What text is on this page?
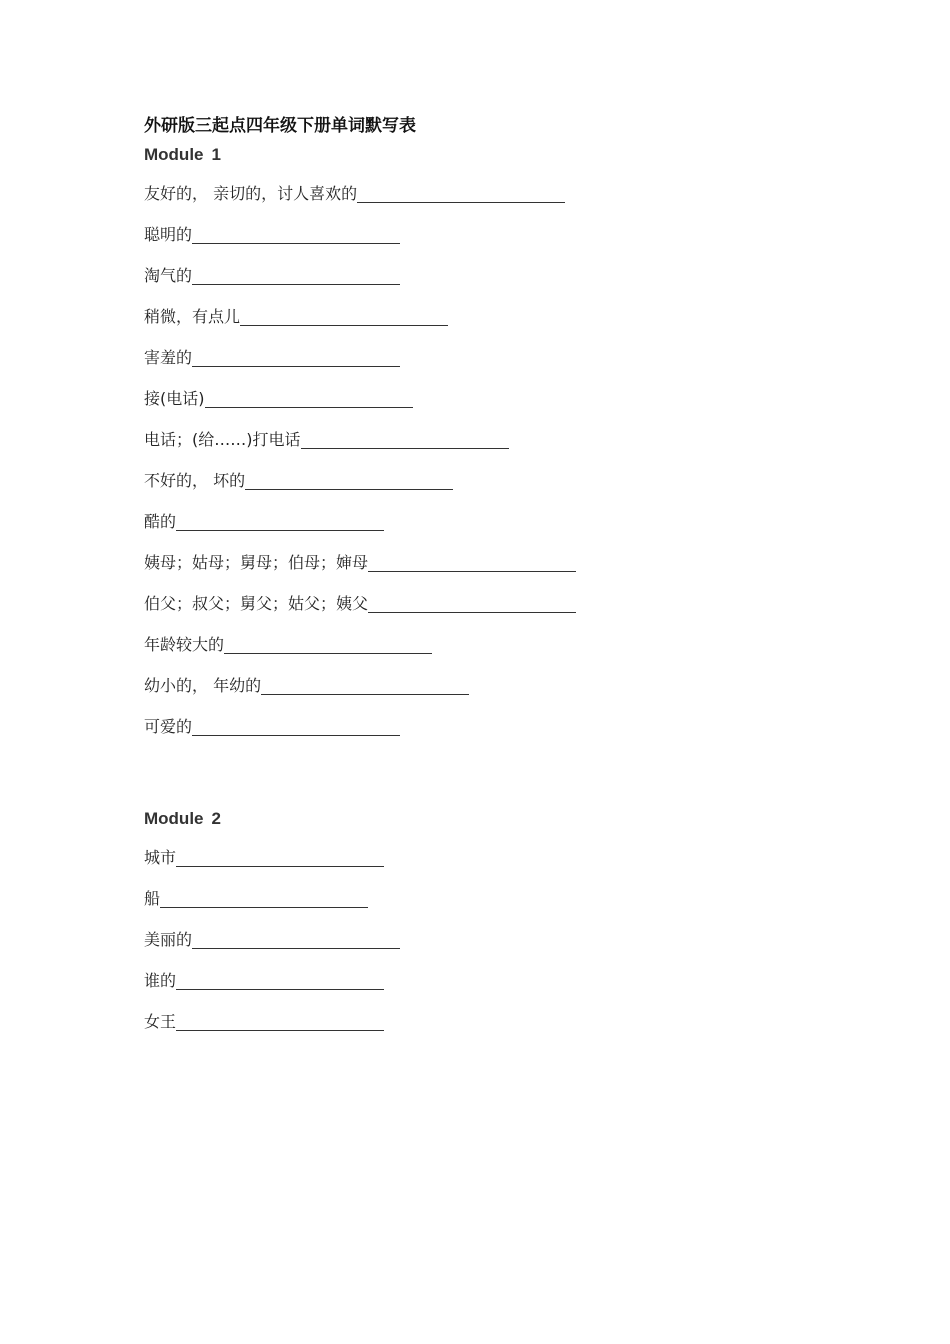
外研版三起点四年级下册单词默写表
Module 1
友好的， 亲切的，讨人喜欢的
聪明的
淘气的
稍微，有点儿
害羞的
接(电话)
电话；(给……)打电话
不好的， 坏的
酷的
姨母；姑母；舅母；伯母；婶母
伯父；叔父；舅父；姑父；姨父
年龄较大的
幼小的， 年幼的
可爱的
Module 2
城市
船
美丽的
谁的
女王
